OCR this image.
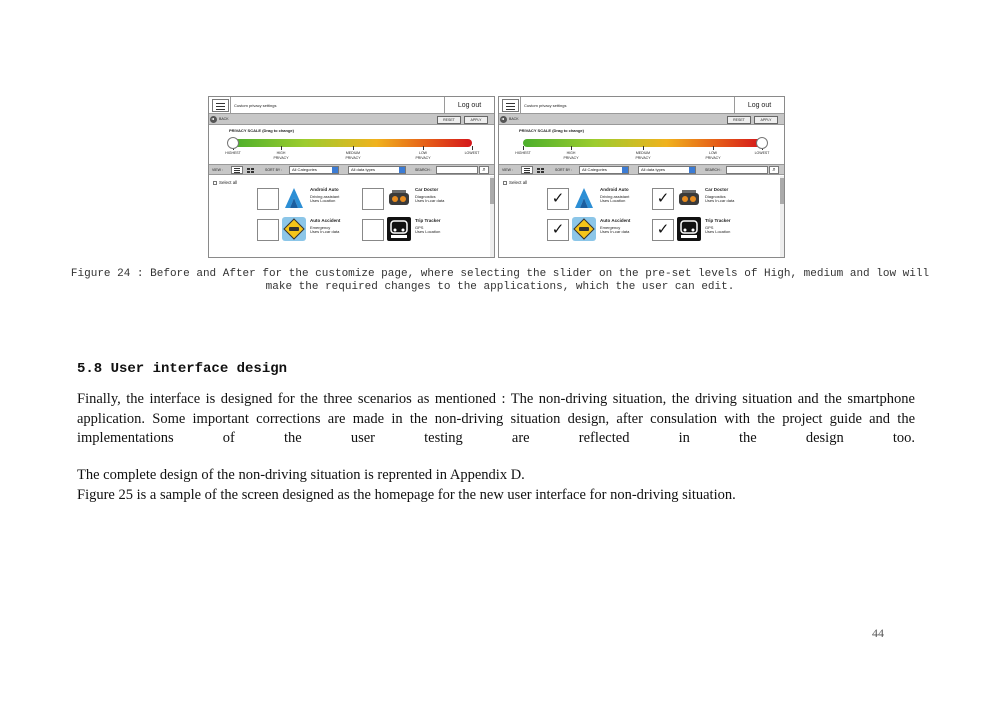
Custom privacy settings	Log out
BACK	RESET	APPLY
PRIVACY SCALE (Drag to change)
HIGHEST	HIGH
PRIVACY
MEDIUM
PRIVACY
LOW
PRIVACY
LOWEST
VIEW :	SORT BY :	All Categories	All data types	SEARCH :	⌕
Select all
Android Auto
Driving assistant
Uses Location
Car Doctor
Diagnostics
Uses In-car data
Auto Accident
Emergency
Uses In-car data
Trip Tracker
GPS
Uses Location
Custom privacy settings	Log out
BACK	RESET	APPLY
PRIVACY SCALE (Drag to change)
HIGHEST	HIGH
PRIVACY
MEDIUM
PRIVACY
LOW
PRIVACY
LOWEST
VIEW :	SORT BY :	All Categories	All data types	SEARCH :	⌕
Select all
✓
Android Auto
Driving assistant
Uses Location	✓
Car Doctor
Diagnostics
Uses In-car data
✓
Auto Accident
Emergency
Uses In-car data	✓
Trip Tracker
GPS
Uses Location
Figure 24 : Before and After for the customize page, where selecting the slider on the pre-set levels of High, medium and low will
make the required changes to the applications, which the user can edit.
5.8 User interface design

Finally, the interface is designed for the three scenarios as mentioned : The non-driving situation, the driving situation and the smartphone application. Some important corrections are made in the non-driving situation design, after consulation with the project guide and the implementations of the user testing are reflected in the design too.

The complete design of the non-driving situation is reprented in Appendix D.

Figure 25 is a sample of the screen designed as the homepage for the new user interface for non-driving situation.

44
